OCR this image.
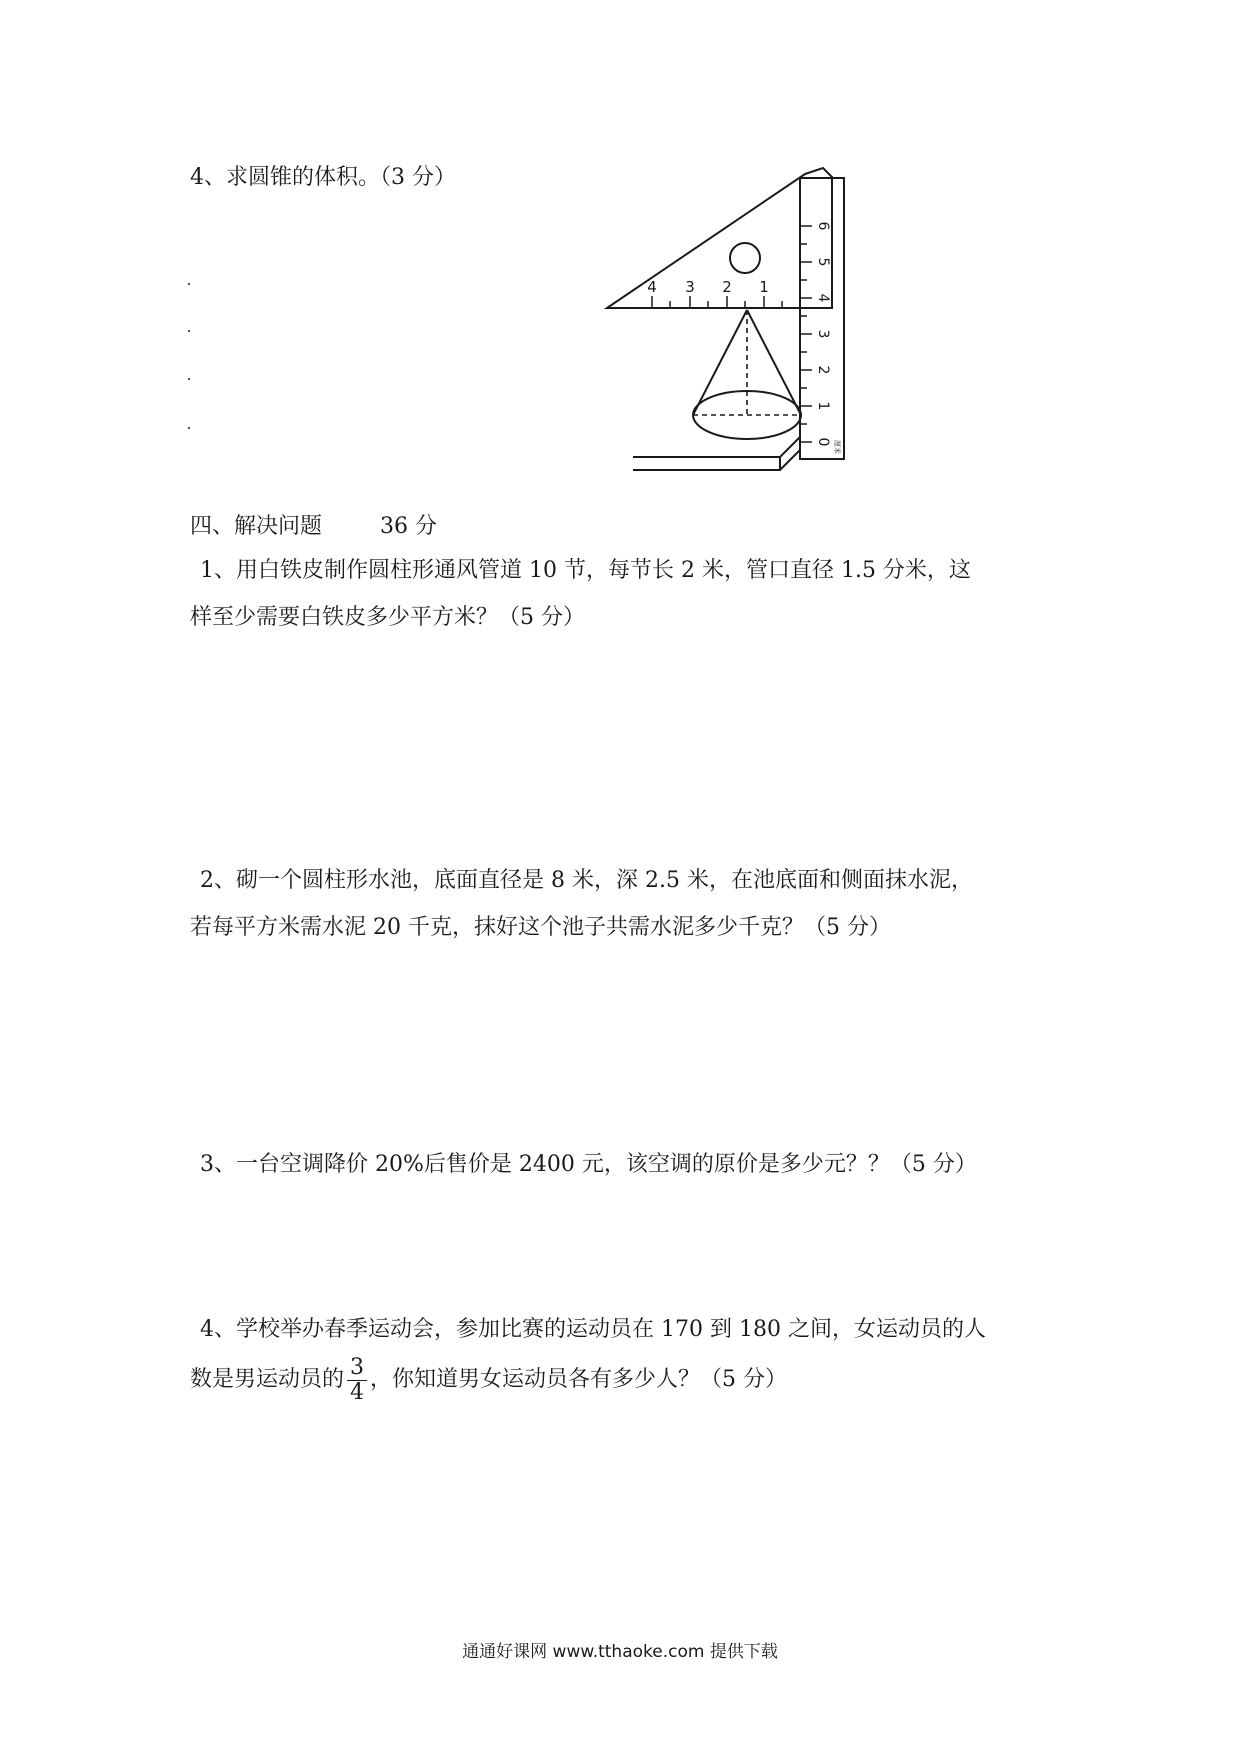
4、求圆锥的体积。（3 分）
4 3 2 1
6
5
4
3
2
1
0 厘米
四、解决问题	36 分
1、用白铁皮制作圆柱形通风管道 10 节，每节长 2 米，管口直径 1.5 分米，这
样至少需要白铁皮多少平方米？（5 分）
2、砌一个圆柱形水池，底面直径是 8 米，深 2.5 米，在池底面和侧面抹水泥，
若每平方米需水泥 20 千克，抹好这个池子共需水泥多少千克？（5 分）
3、一台空调降价 20%后售价是 2400 元，该空调的原价是多少元？？（5 分）
4、学校举办春季运动会，参加比赛的运动员在 170 到 180 之间，女运动员的人
数是男运动员的 $\frac{3}{4}$ ，你知道男女运动员各有多少人？（5 分）
通通好课网 www.tthaoke.com 提供下载
